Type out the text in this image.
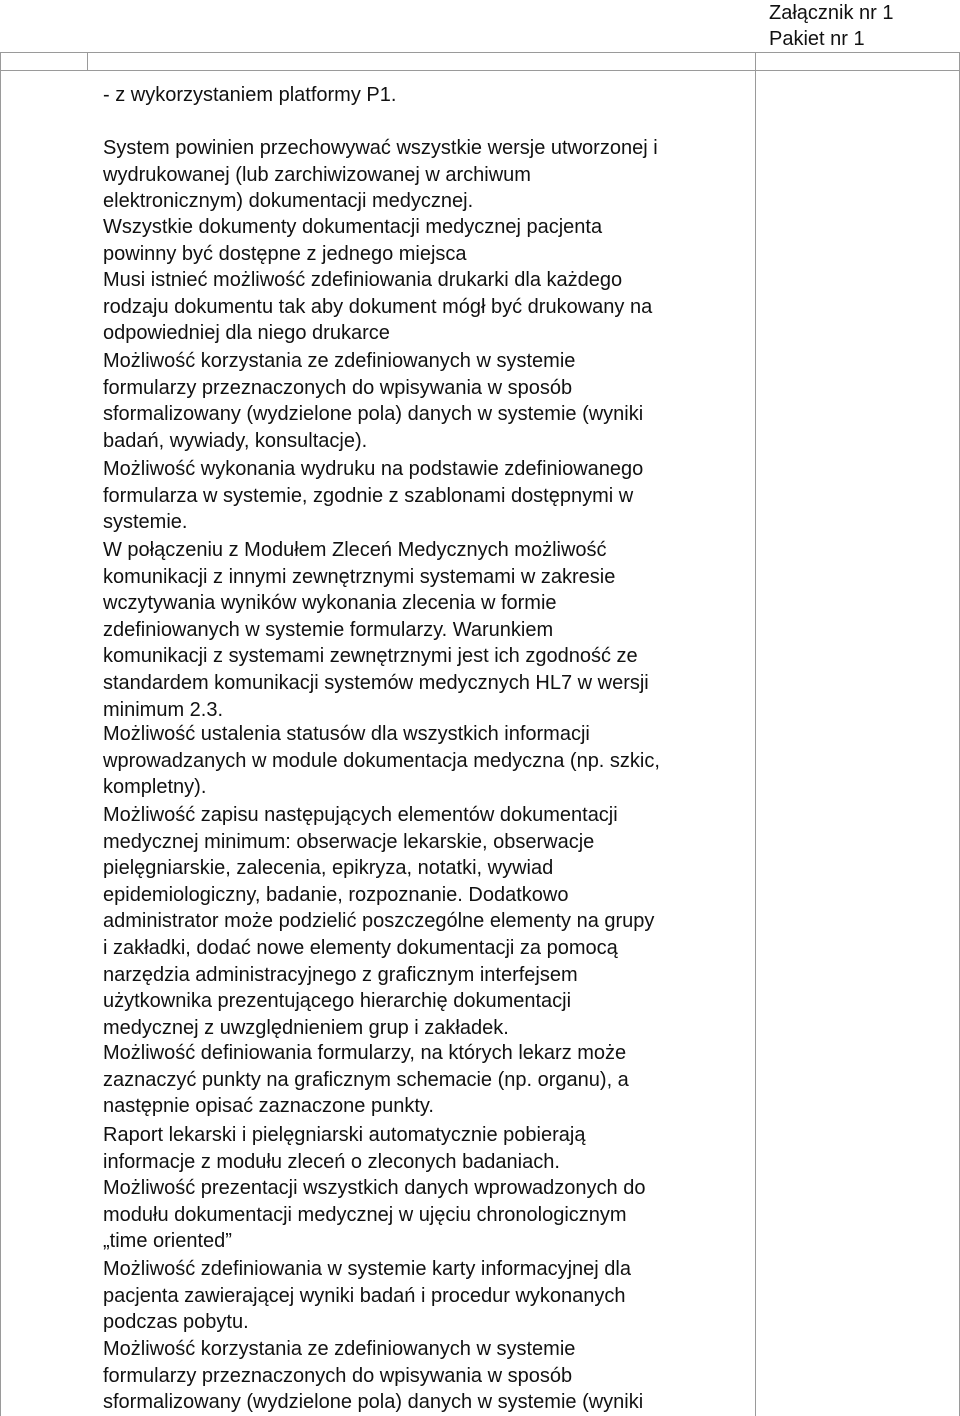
Załącznik nr 1
Pakiet nr 1
- z wykorzystaniem platformy P1.
System powinien przechowywać wszystkie wersje utworzonej i
wydrukowanej (lub zarchiwizowanej w archiwum
elektronicznym) dokumentacji medycznej.
Wszystkie dokumenty dokumentacji medycznej pacjenta
powinny być dostępne z jednego miejsca
Musi istnieć możliwość zdefiniowania drukarki dla każdego
rodzaju dokumentu tak aby dokument mógł być drukowany na
odpowiedniej dla niego drukarce
Możliwość korzystania ze zdefiniowanych w systemie
formularzy przeznaczonych do wpisywania w sposób
sformalizowany (wydzielone pola) danych w systemie (wyniki
badań, wywiady, konsultacje).
Możliwość wykonania wydruku na podstawie zdefiniowanego
formularza w systemie, zgodnie z szablonami dostępnymi w
systemie.
W połączeniu z Modułem Zleceń Medycznych możliwość
komunikacji z innymi zewnętrznymi systemami w zakresie
wczytywania wyników wykonania zlecenia w formie
zdefiniowanych w systemie formularzy. Warunkiem
komunikacji z systemami zewnętrznymi jest ich zgodność ze
standardem komunikacji systemów medycznych HL7 w wersji
minimum 2.3.
Możliwość ustalenia statusów dla wszystkich informacji
wprowadzanych w module dokumentacja medyczna (np. szkic,
kompletny).
Możliwość zapisu następujących elementów dokumentacji
medycznej minimum: obserwacje lekarskie, obserwacje
pielęgniarskie, zalecenia, epikryza, notatki, wywiad
epidemiologiczny, badanie, rozpoznanie. Dodatkowo
administrator może podzielić poszczególne elementy na grupy
i zakładki, dodać nowe elementy dokumentacji za pomocą
narzędzia administracyjnego z graficznym interfejsem
użytkownika prezentującego hierarchię dokumentacji
medycznej z uwzględnieniem grup i zakładek.
Możliwość definiowania formularzy, na których lekarz może
zaznaczyć punkty na graficznym schemacie (np. organu), a
następnie opisać zaznaczone punkty.
Raport lekarski i pielęgniarski automatycznie pobierają
informacje z modułu zleceń o zleconych badaniach.
Możliwość prezentacji wszystkich danych wprowadzonych do
modułu dokumentacji medycznej w ujęciu chronologicznym
„time oriented”
Możliwość zdefiniowania w systemie karty informacyjnej dla
pacjenta zawierającej wyniki badań i procedur wykonanych
podczas pobytu.
Możliwość korzystania ze zdefiniowanych w systemie
formularzy przeznaczonych do wpisywania w sposób
sformalizowany (wydzielone pola) danych w systemie (wyniki
